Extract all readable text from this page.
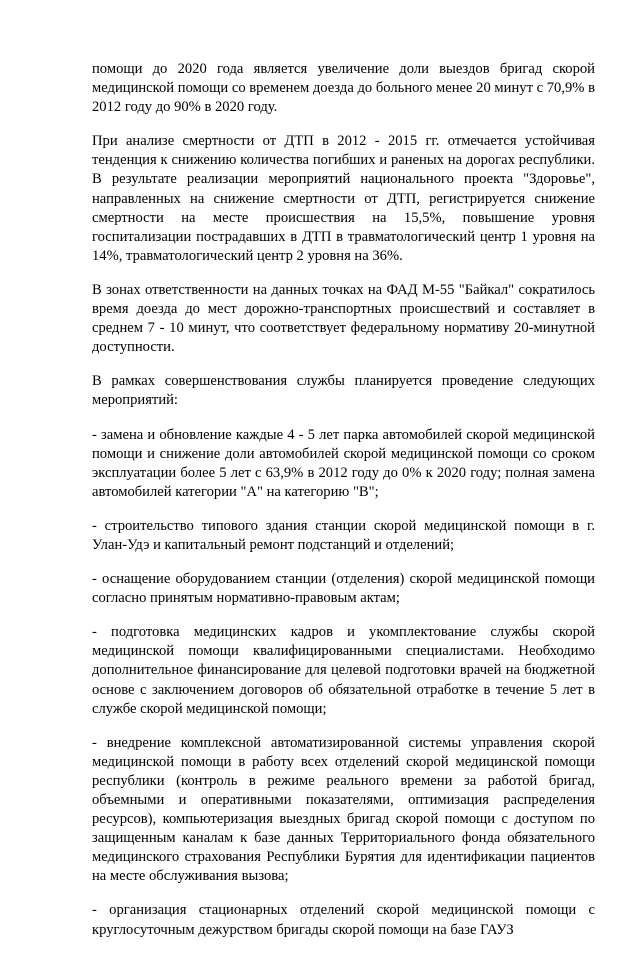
помощи до 2020 года является увеличение доли выездов бригад скорой медицинской помощи со временем доезда до больного менее 20 минут с 70,9% в 2012 году до 90% в 2020 году.

При анализе смертности от ДТП в 2012 - 2015 гг. отмечается устойчивая тенденция к снижению количества погибших и раненых на дорогах республики. В результате реализации мероприятий национального проекта "Здоровье", направленных на снижение смертности от ДТП, регистрируется снижение смертности на месте происшествия на 15,5%, повышение уровня госпитализации пострадавших в ДТП в травматологический центр 1 уровня на 14%, травматологический центр 2 уровня на 36%.

В зонах ответственности на данных точках на ФАД М-55 "Байкал" сократилось время доезда до мест дорожно-транспортных происшествий и составляет в среднем 7 - 10 минут, что соответствует федеральному нормативу 20-минутной доступности.

В рамках совершенствования службы планируется проведение следующих мероприятий:

- замена и обновление каждые 4 - 5 лет парка автомобилей скорой медицинской помощи и снижение доли автомобилей скорой медицинской помощи со сроком эксплуатации более 5 лет с 63,9% в 2012 году до 0% к 2020 году; полная замена автомобилей категории "А" на категорию "В";

- строительство типового здания станции скорой медицинской помощи в г. Улан-Удэ и капитальный ремонт подстанций и отделений;

- оснащение оборудованием станции (отделения) скорой медицинской помощи согласно принятым нормативно-правовым актам;

- подготовка медицинских кадров и укомплектование службы скорой медицинской помощи квалифицированными специалистами. Необходимо дополнительное финансирование для целевой подготовки врачей на бюджетной основе с заключением договоров об обязательной отработке в течение 5 лет в службе скорой медицинской помощи;

- внедрение комплексной автоматизированной системы управления скорой медицинской помощи в работу всех отделений скорой медицинской помощи республики (контроль в режиме реального времени за работой бригад, объемными и оперативными показателями, оптимизация распределения ресурсов), компьютеризация выездных бригад скорой помощи с доступом по защищенным каналам к базе данных Территориального фонда обязательного медицинского страхования Республики Бурятия для идентификации пациентов на месте обслуживания вызова;

- организация стационарных отделений скорой медицинской помощи с круглосуточным дежурством бригады скорой помощи на базе ГАУЗ
